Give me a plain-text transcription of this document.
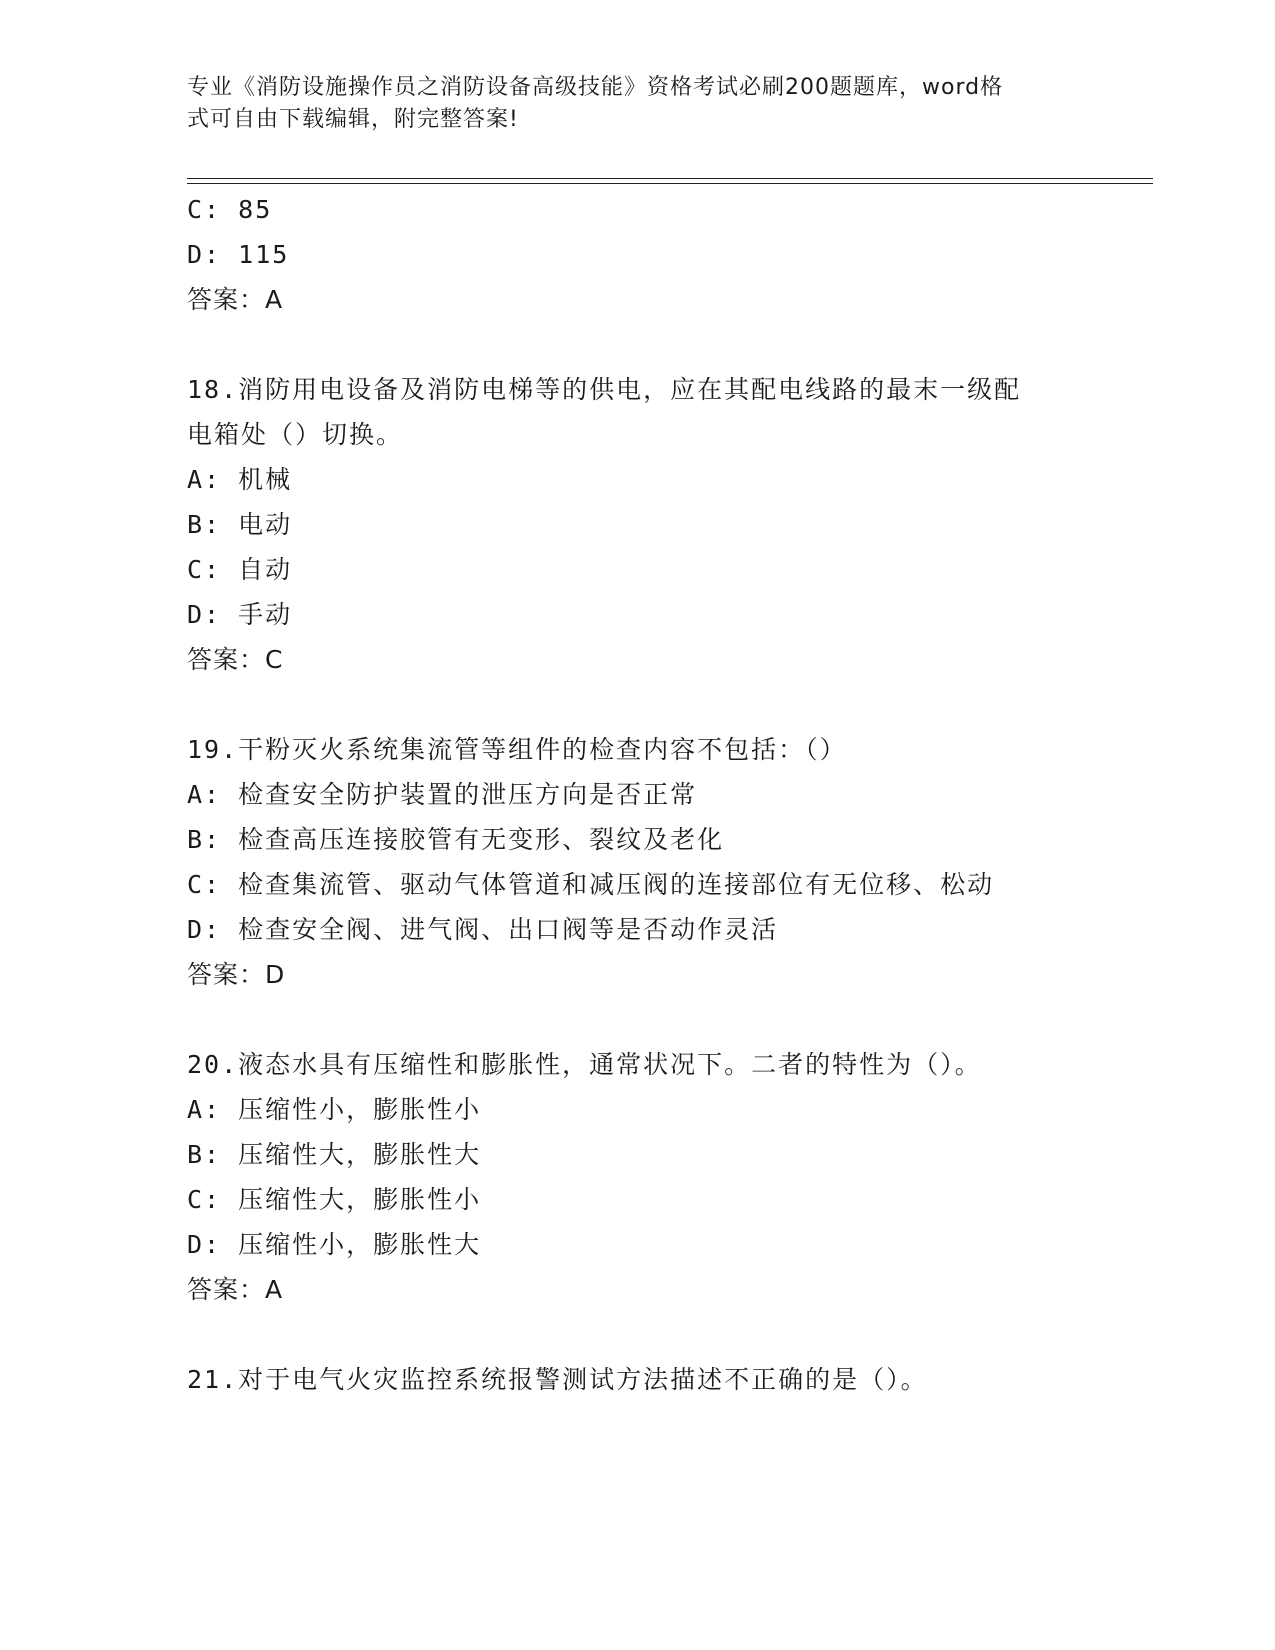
专业《消防设施操作员之消防设备高级技能》资格考试必刷200题题库，word格
式可自由下载编辑，附完整答案!
C: 85
D: 115
答案：A
18.消防用电设备及消防电梯等的供电，应在其配电线路的最末一级配
电箱处（）切换。
A: 机械
B: 电动
C: 自动
D: 手动
答案：C
19.干粉灭火系统集流管等组件的检查内容不包括：（）
A: 检查安全防护装置的泄压方向是否正常
B: 检查高压连接胶管有无变形、裂纹及老化
C: 检查集流管、驱动气体管道和减压阀的连接部位有无位移、松动
D: 检查安全阀、进气阀、出口阀等是否动作灵活
答案：D
20.液态水具有压缩性和膨胀性，通常状况下。二者的特性为（）。
A: 压缩性小，膨胀性小
B: 压缩性大，膨胀性大
C: 压缩性大，膨胀性小
D: 压缩性小，膨胀性大
答案：A
21.对于电气火灾监控系统报警测试方法描述不正确的是（）。
